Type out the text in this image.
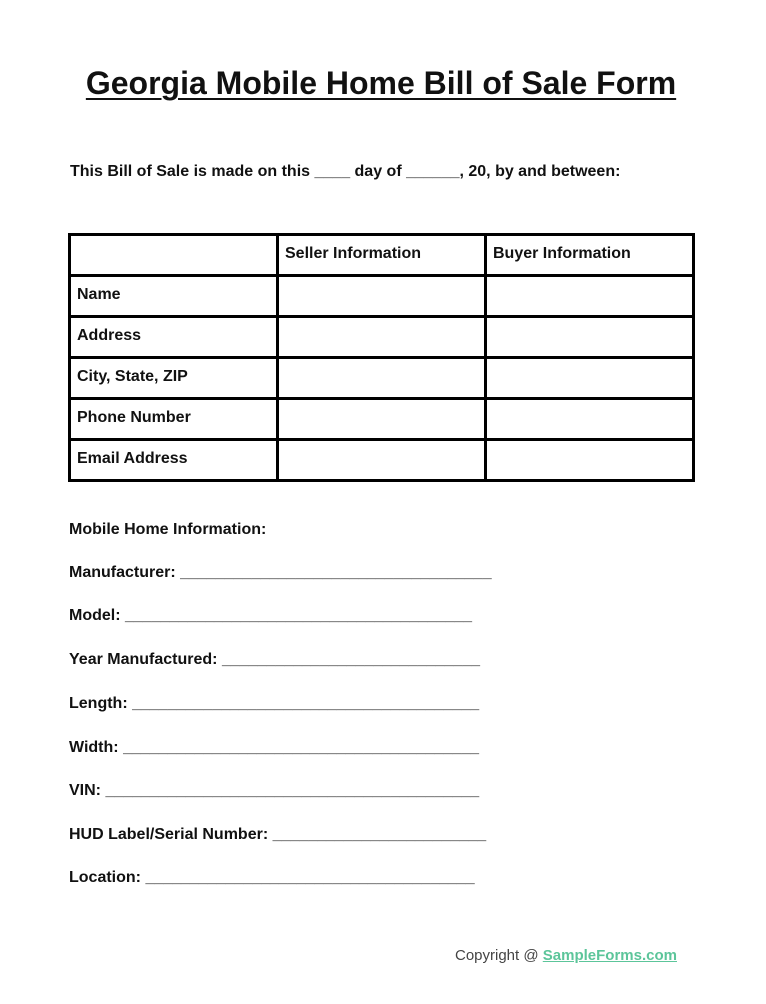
Georgia Mobile Home Bill of Sale Form

This Bill of Sale is made on this ____ day of ______, 20, by and between:

	Seller Information	Buyer Information

Name		

Address		

City, State, ZIP		

Phone Number		

Email Address		

Mobile Home Information:

Manufacturer: ___________________________________
Model: _______________________________________
Year Manufactured: _____________________________
Length: _______________________________________
Width: ________________________________________
VIN: __________________________________________
HUD Label/Serial Number: ________________________
Location: _____________________________________
Copyright @ SampleForms.com
